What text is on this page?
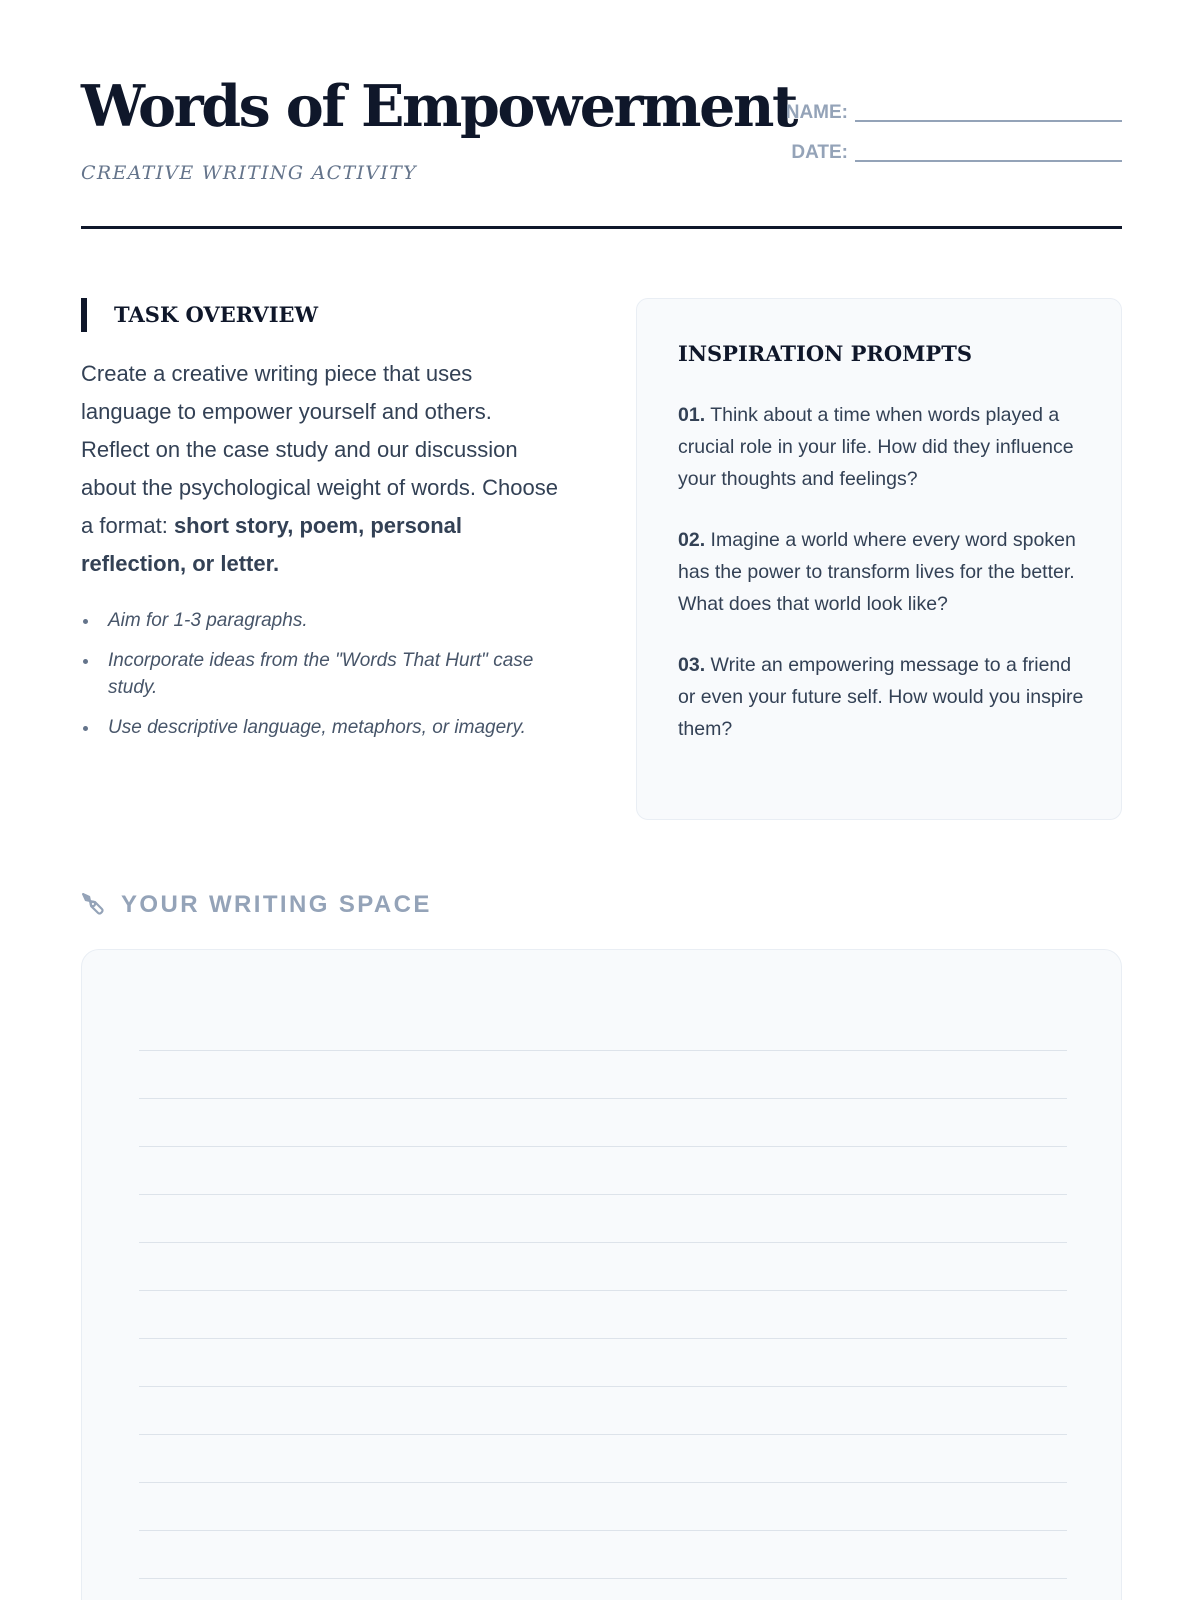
Words of Empowerment
CREATIVE WRITING ACTIVITY
NAME:
DATE:
TASK OVERVIEW

Create a creative writing piece that uses language to empower yourself and others. Reflect on the case study and our discussion about the psychological weight of words. Choose a format: short story, poem, personal reflection, or letter.

Aim for 1-3 paragraphs.
Incorporate ideas from the "Words That Hurt" case study.
Use descriptive language, metaphors, or imagery.
INSPIRATION PROMPTS

01. Think about a time when words played a crucial role in your life. How did they influence your thoughts and feelings?

02. Imagine a world where every word spoken has the power to transform lives for the better. What does that world look like?

03. Write an empowering message to a friend or even your future self. How would you inspire them?

YOUR WRITING SPACE
